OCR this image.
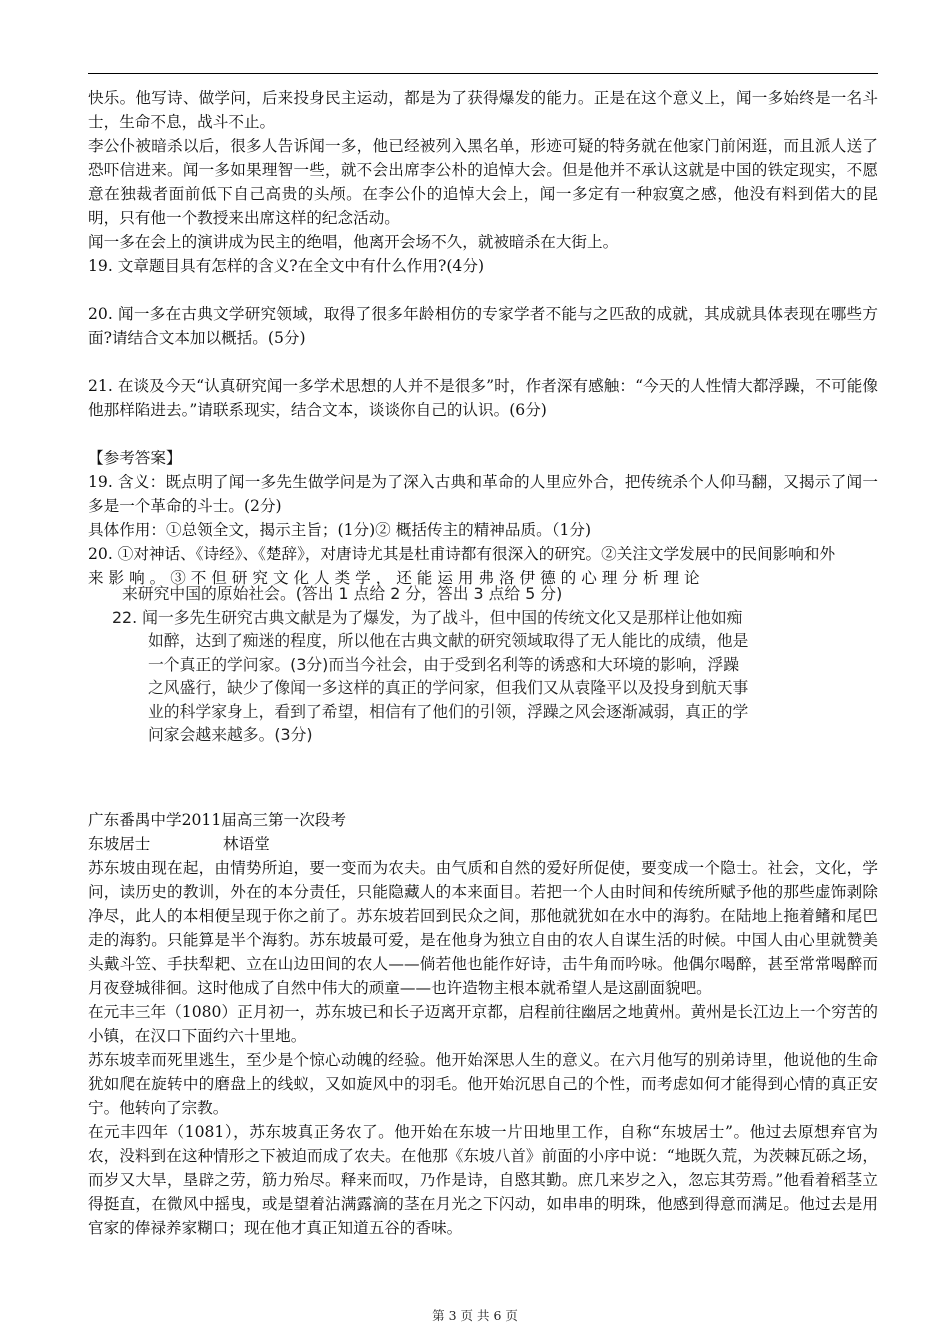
快乐。他写诗、做学问，后来投身民主运动，都是为了获得爆发的能力。正是在这个意义上，闻一多始终是一名斗士，生命不息，战斗不止。

李公仆被暗杀以后，很多人告诉闻一多，他已经被列入黑名单，形迹可疑的特务就在他家门前闲逛，而且派人送了恐吓信进来。闻一多如果理智一些，就不会出席李公朴的追悼大会。但是他并不承认这就是中国的铁定现实，不愿意在独裁者面前低下自己高贵的头颅。在李公仆的追悼大会上，闻一多定有一种寂寞之感，他没有料到偌大的昆明，只有他一个教授来出席这样的纪念活动。

闻一多在会上的演讲成为民主的绝唱，他离开会场不久，就被暗杀在大街上。

19. 文章题目具有怎样的含义?在全文中有什么作用?(4分)

20. 闻一多在古典文学研究领域，取得了很多年龄相仿的专家学者不能与之匹敌的成就，其成就具体表现在哪些方面?请结合文本加以概括。(5分)

21. 在谈及今天“认真研究闻一多学术思想的人并不是很多”时，作者深有感触：“今天的人性情大都浮躁，不可能像他那样陷进去。”请联系现实，结合文本，谈谈你自己的认识。(6分)

【参考答案】

19. 含义：既点明了闻一多先生做学问是为了深入古典和革命的人里应外合，把传统杀个人仰马翻，又揭示了闻一多是一个革命的斗士。(2分)

具体作用：①总领全文，揭示主旨；(1分)② 概括传主的精神品质。（1分)

20. ①对神话、《诗经》、《楚辞》，对唐诗尤其是杜甫诗都有很深入的研究。②关注文学发展中的民间影响和外

来 影 响 。 ③ 不 但 研 究 文 化 人 类 学 ， 还 能 运 用 弗 洛 伊 德 的 心 理 分 析 理 论

来研究中国的原始社会。(答出 1 点给 2 分，答出 3 点给 5 分)

22. 闻一多先生研究古典文献是为了爆发，为了战斗，但中国的传统文化又是那样让他如痴

如醉，达到了痴迷的程度，所以他在古典文献的研究领域取得了无人能比的成绩，他是

一个真正的学问家。(3分)而当今社会，由于受到名利等的诱惑和大环境的影响，浮躁

之风盛行，缺少了像闻一多这样的真正的学问家，但我们又从袁隆平以及投身到航天事

业的科学家身上，看到了希望，相信有了他们的引领，浮躁之风会逐渐减弱，真正的学

问家会越来越多。(3分)

广东番禺中学2011届高三第一次段考

东坡居士	林语堂

苏东坡由现在起，由情势所迫，要一变而为农夫。由气质和自然的爱好所促使，要变成一个隐士。社会，文化，学问，读历史的教训，外在的本分责任，只能隐藏人的本来面目。若把一个人由时间和传统所赋予他的那些虚饰剥除净尽，此人的本相便呈现于你之前了。苏东坡若回到民众之间，那他就犹如在水中的海豹。在陆地上拖着鳍和尾巴走的海豹。只能算是半个海豹。苏东坡最可爱，是在他身为独立自由的农人自谋生活的时候。中国人由心里就赞美头戴斗笠、手扶犁耙、立在山边田间的农人——倘若他也能作好诗，击牛角而吟咏。他偶尔喝醉，甚至常常喝醉而月夜登城徘徊。这时他成了自然中伟大的顽童——也许造物主根本就希望人是这副面貌吧。

在元丰三年（1080）正月初一，苏东坡已和长子迈离开京都，启程前往幽居之地黄州。黄州是长江边上一个穷苦的小镇，在汉口下面约六十里地。

苏东坡幸而死里逃生，至少是个惊心动魄的经验。他开始深思人生的意义。在六月他写的别弟诗里，他说他的生命犹如爬在旋转中的磨盘上的线蚁，又如旋风中的羽毛。他开始沉思自己的个性，而考虑如何才能得到心情的真正安宁。他转向了宗教。

在元丰四年（1081），苏东坡真正务农了。他开始在东坡一片田地里工作，自称“东坡居士”。他过去原想弃官为农，没料到在这种情形之下被迫而成了农夫。在他那《东坡八首》前面的小序中说：“地既久荒，为茨棘瓦砾之场，而岁又大旱，垦辟之劳，筋力殆尽。释来而叹，乃作是诗，自愍其勤。庶几来岁之入，忽忘其劳焉。”他看着稻茎立得挺直，在微风中摇曳，或是望着沾满露滴的茎在月光之下闪动，如串串的明珠，他感到得意而满足。他过去是用官家的俸禄养家糊口；现在他才真正知道五谷的香味。

第 3 页 共 6 页
